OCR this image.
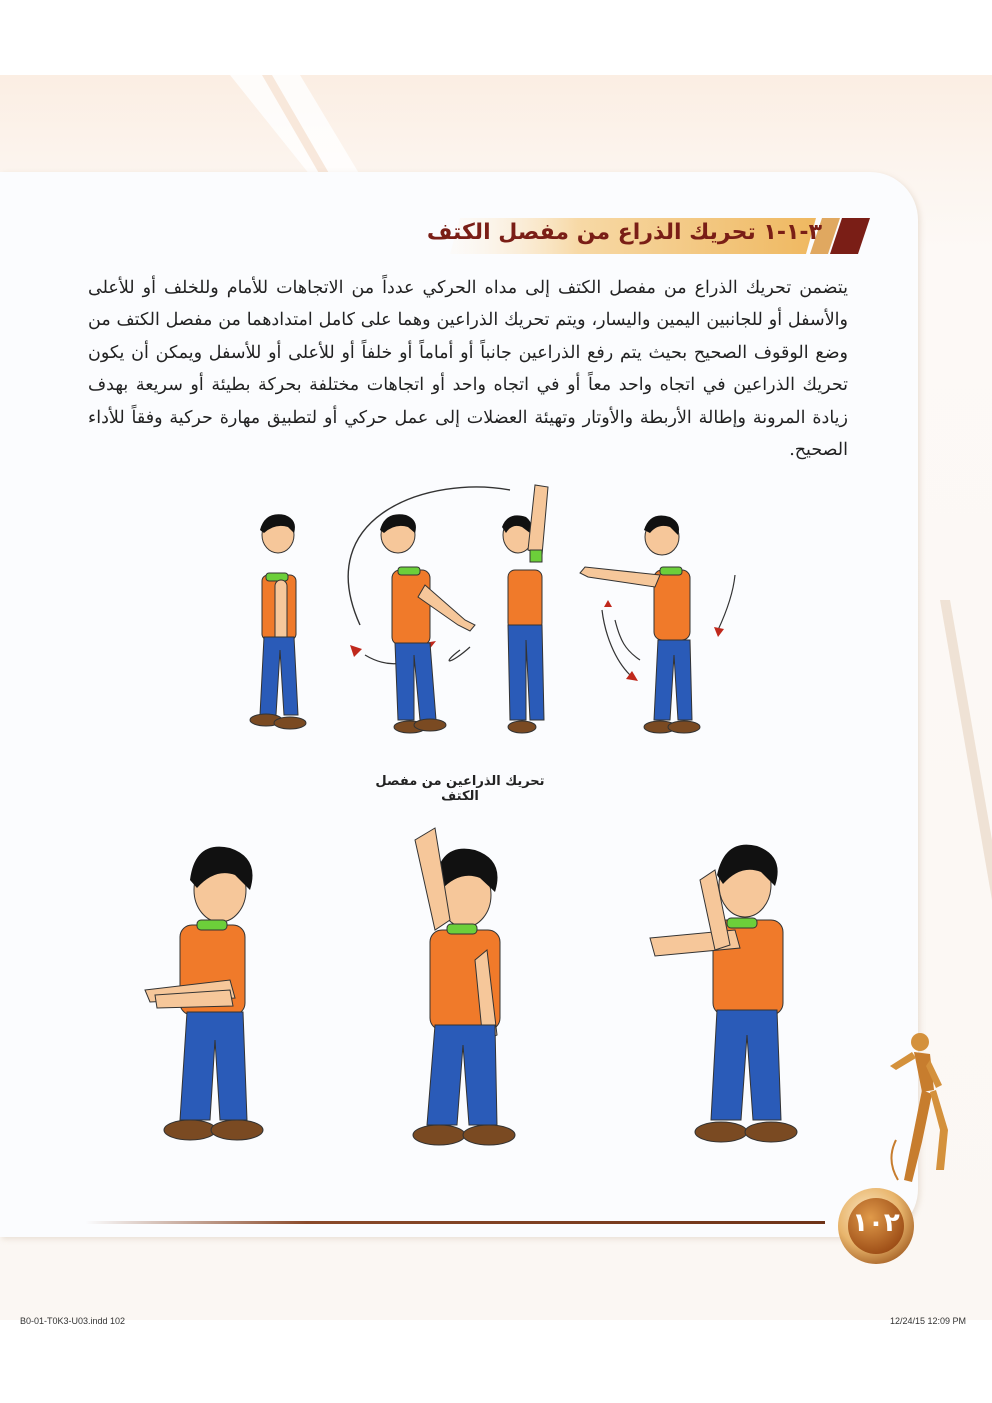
٣-١-١ تحريك الذراع من مفصل الكتف
يتضمن تحريك الذراع من مفصل الكتف إلى مداه الحركي عدداً من الاتجاهات للأمام وللخلف أو للأعلى والأسفل أو للجانبين اليمين واليسار، ويتم تحريك الذراعين وهما على كامل امتدادهما من مفصل الكتف من وضع الوقوف الصحيح بحيث يتم رفع الذراعين جانباً أو أماماً أو خلفاً أو للأعلى أو للأسفل ويمكن أن يكون تحريك الذراعين في اتجاه واحد معاً أو في اتجاه واحد أو اتجاهات مختلفة بحركة بطيئة أو سريعة بهدف زيادة المرونة وإطالة الأربطة والأوتار وتهيئة العضلات إلى عمل حركي أو لتطبيق مهارة حركية وفقاً للأداء الصحيح.
تحريك الذراعين من مفصل الكتف
١٠٢
B0-01-T0K3-U03.indd 102	12/24/15 12:09 PM
